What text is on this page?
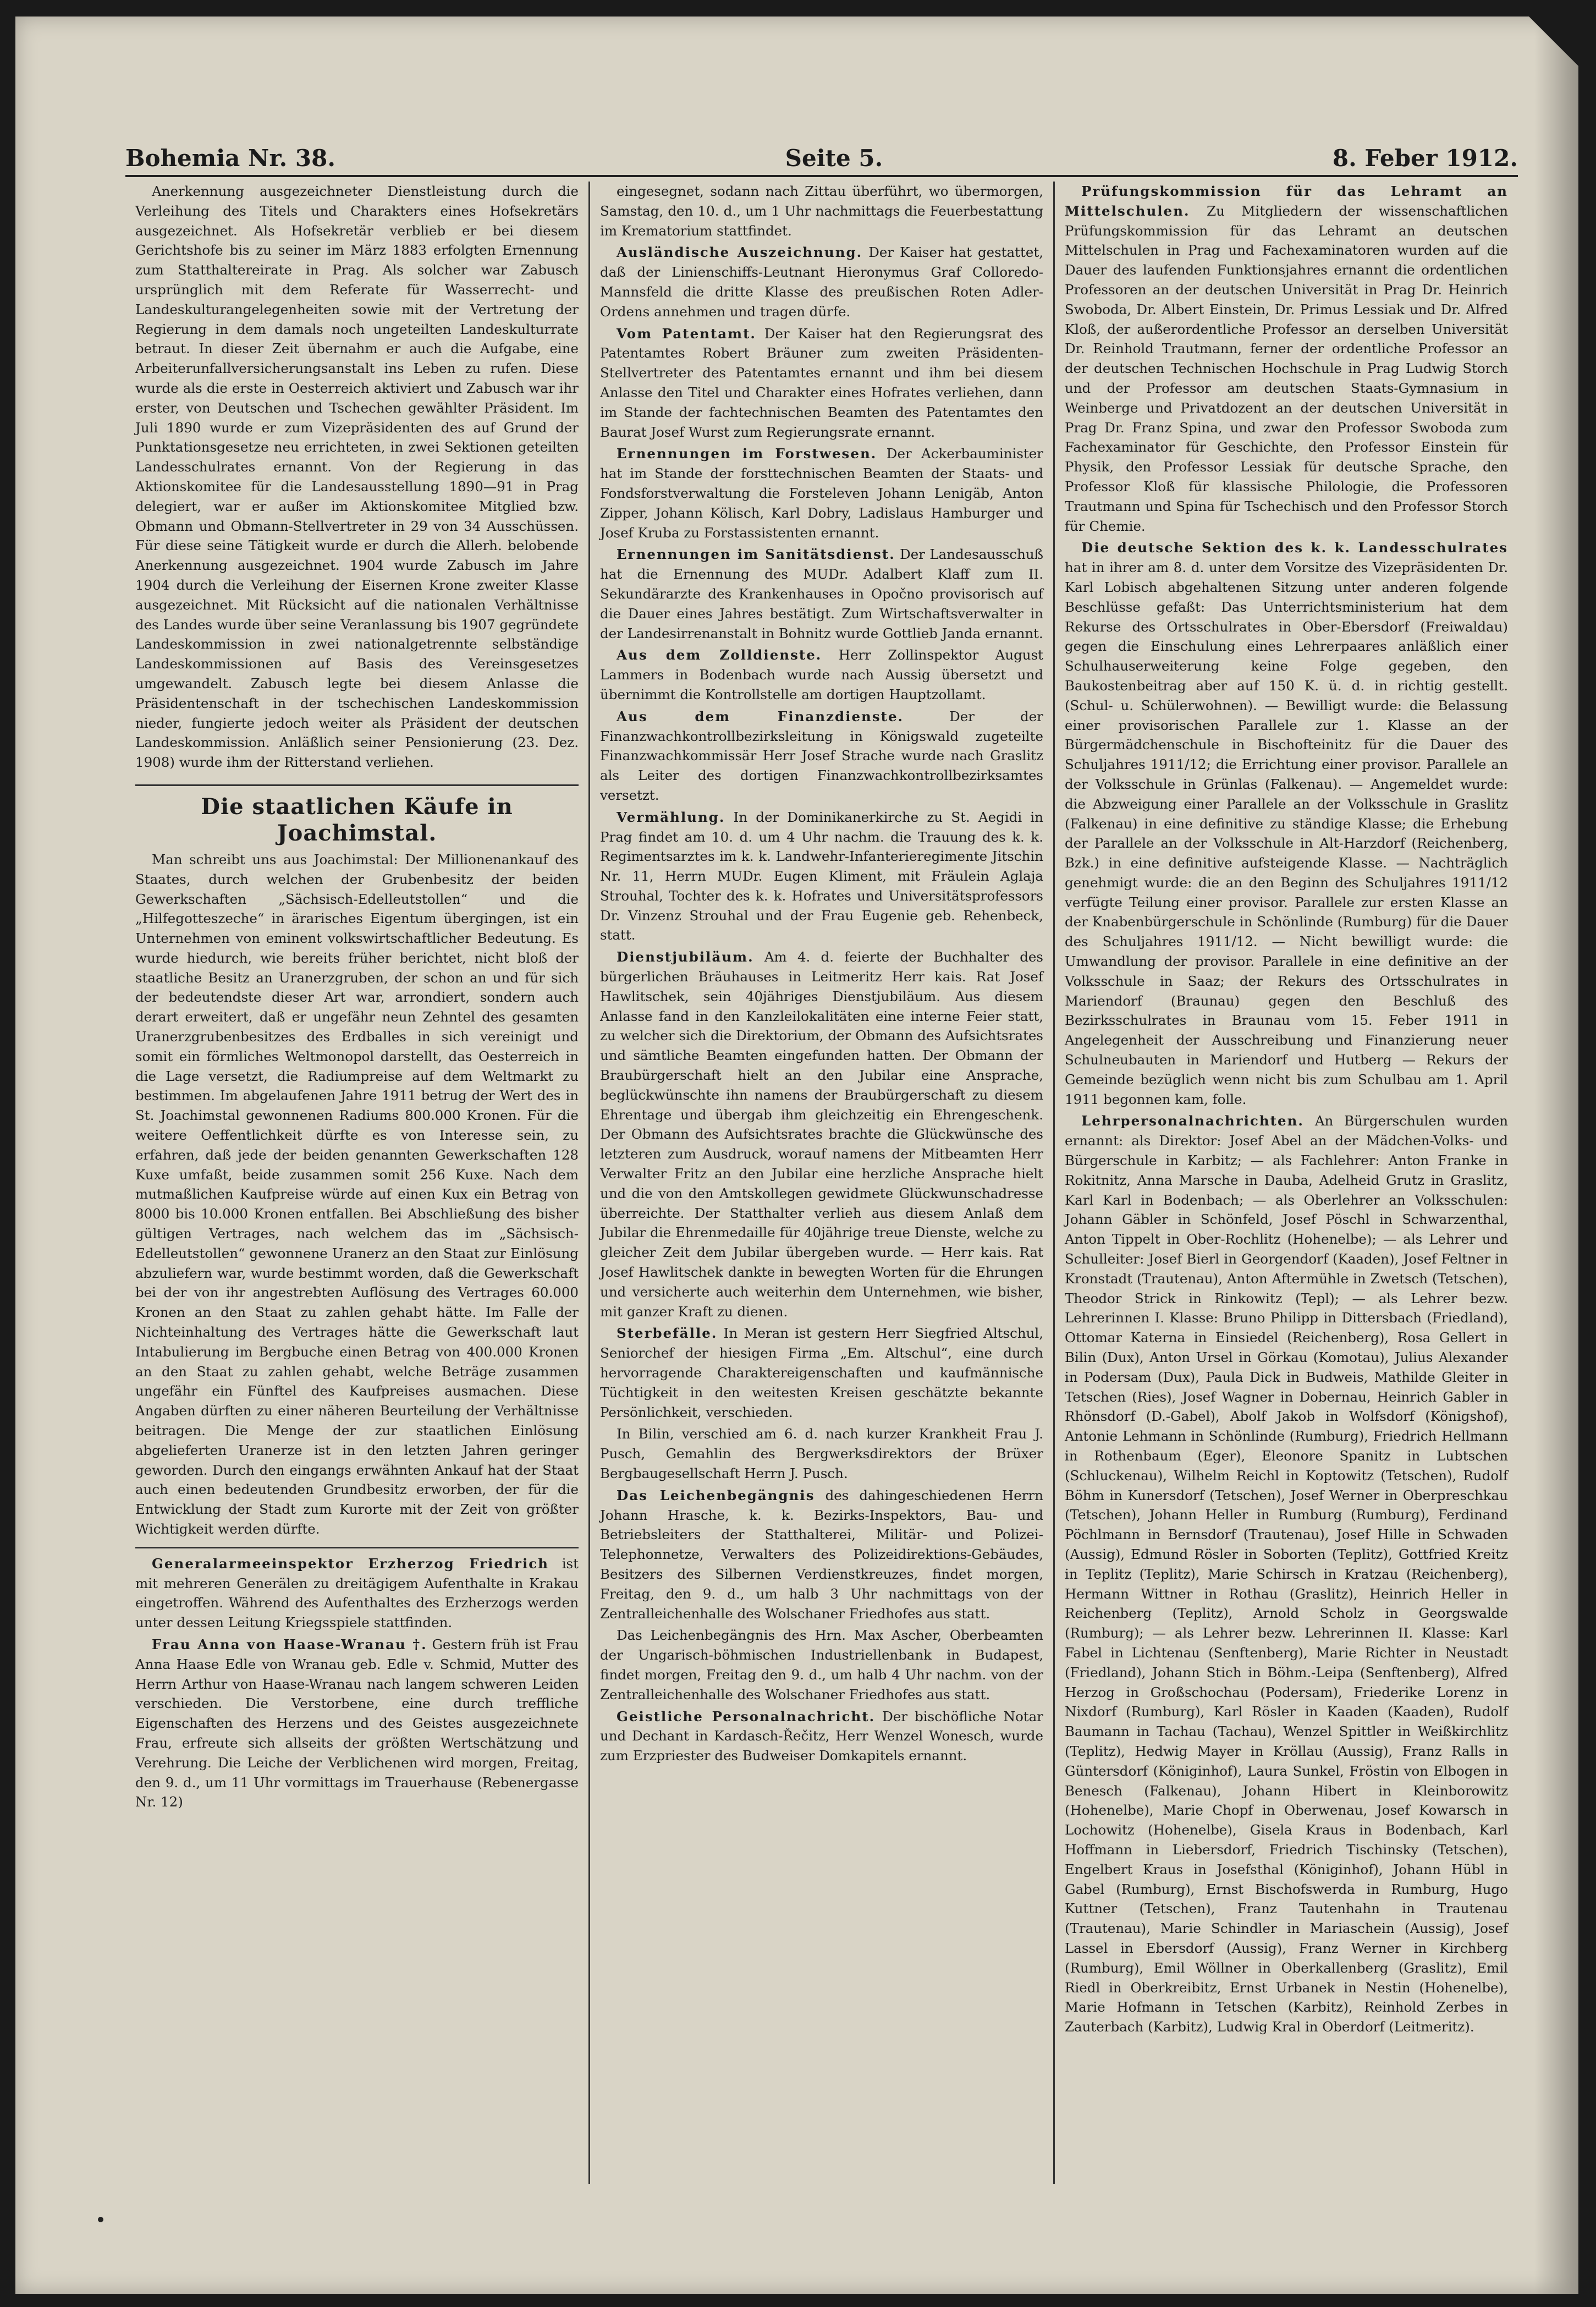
Bohemia Nr. 38.	Seite 5.	8. Feber 1912.

Anerkennung ausgezeichneter Dienstleistung durch die Verleihung des Titels und Charakters eines Hofsekretärs ausgezeichnet. Als Hofsekretär verblieb er bei diesem Gerichtshofe bis zu seiner im März 1883 erfolgten Ernennung zum Statthaltereirate in Prag. Als solcher war Zabusch ursprünglich mit dem Referate für Wasserrecht- und Landeskulturangelegenheiten sowie mit der Vertretung der Regierung in dem damals noch ungeteilten Landeskulturrate betraut. In dieser Zeit übernahm er auch die Aufgabe, eine Arbeiterunfallversicherungsanstalt ins Leben zu rufen. Diese wurde als die erste in Oesterreich aktiviert und Zabusch war ihr erster, von Deutschen und Tschechen gewählter Präsident. Im Juli 1890 wurde er zum Vizepräsidenten des auf Grund der Punktationsgesetze neu errichteten, in zwei Sektionen geteilten Landesschulrates ernannt. Von der Regierung in das Aktionskomitee für die Landesausstellung 1890—91 in Prag delegiert, war er außer im Aktionskomitee Mitglied bzw. Obmann und Obmann-Stellvertreter in 29 von 34 Ausschüssen. Für diese seine Tätigkeit wurde er durch die Allerh. belobende Anerkennung ausgezeichnet. 1904 wurde Zabusch im Jahre 1904 durch die Verleihung der Eisernen Krone zweiter Klasse ausgezeichnet. Mit Rücksicht auf die nationalen Verhältnisse des Landes wurde über seine Veranlassung bis 1907 gegründete Landeskommission in zwei nationalgetrennte selbständige Landeskommissionen auf Basis des Vereinsgesetzes umgewandelt. Zabusch legte bei diesem Anlasse die Präsidentenschaft in der tschechischen Landeskommission nieder, fungierte jedoch weiter als Präsident der deutschen Landeskommission. Anläßlich seiner Pensionierung (23. Dez. 1908) wurde ihm der Ritterstand verliehen.

Die staatlichen Käufe in Joachimstal.

Man schreibt uns aus Joachimstal: Der Millionenankauf des Staates, durch welchen der Grubenbesitz der beiden Gewerkschaften „Sächsisch-Edelleutstollen“ und die „Hilfegotteszeche“ in ärarisches Eigentum übergingen, ist ein Unternehmen von eminent volkswirtschaftlicher Bedeutung. Es wurde hiedurch, wie bereits früher berichtet, nicht bloß der staatliche Besitz an Uranerzgruben, der schon an und für sich der bedeutendste dieser Art war, arrondiert, sondern auch derart erweitert, daß er ungefähr neun Zehntel des gesamten Uranerzgrubenbesitzes des Erdballes in sich vereinigt und somit ein förmliches Weltmonopol darstellt, das Oesterreich in die Lage versetzt, die Radiumpreise auf dem Weltmarkt zu bestimmen. Im abgelaufenen Jahre 1911 betrug der Wert des in St. Joachimstal gewonnenen Radiums 800.000 Kronen. Für die weitere Oeffentlichkeit dürfte es von Interesse sein, zu erfahren, daß jede der beiden genannten Gewerkschaften 128 Kuxe umfaßt, beide zusammen somit 256 Kuxe. Nach dem mutmaßlichen Kaufpreise würde auf einen Kux ein Betrag von 8000 bis 10.000 Kronen entfallen. Bei Abschließung des bisher gültigen Vertrages, nach welchem das im „Sächsisch-Edelleutstollen“ gewonnene Uranerz an den Staat zur Einlösung abzuliefern war, wurde bestimmt worden, daß die Gewerkschaft bei der von ihr angestrebten Auflösung des Vertrages 60.000 Kronen an den Staat zu zahlen gehabt hätte. Im Falle der Nichteinhaltung des Vertrages hätte die Gewerkschaft laut Intabulierung im Bergbuche einen Betrag von 400.000 Kronen an den Staat zu zahlen gehabt, welche Beträge zusammen ungefähr ein Fünftel des Kaufpreises ausmachen. Diese Angaben dürften zu einer näheren Beurteilung der Verhältnisse beitragen. Die Menge der zur staatlichen Einlösung abgelieferten Uranerze ist in den letzten Jahren geringer geworden. Durch den eingangs erwähnten Ankauf hat der Staat auch einen bedeutenden Grundbesitz erworben, der für die Entwicklung der Stadt zum Kurorte mit der Zeit von größter Wichtigkeit werden dürfte.

Generalarmeeinspektor Erzherzog Friedrich ist mit mehreren Generälen zu dreitägigem Aufenthalte in Krakau eingetroffen. Während des Aufenthaltes des Erzherzogs werden unter dessen Leitung Kriegsspiele stattfinden.

Frau Anna von Haase-Wranau †. Gestern früh ist Frau Anna Haase Edle von Wranau geb. Edle v. Schmid, Mutter des Herrn Arthur von Haase-Wranau nach langem schweren Leiden verschieden. Die Verstorbene, eine durch treffliche Eigenschaften des Herzens und des Geistes ausgezeichnete Frau, erfreute sich allseits der größten Wertschätzung und Verehrung. Die Leiche der Verblichenen wird morgen, Freitag, den 9. d., um 11 Uhr vormittags im Trauerhause (Rebenergasse Nr. 12)

eingesegnet, sodann nach Zittau überführt, wo übermorgen, Samstag, den 10. d., um 1 Uhr nachmittags die Feuerbestattung im Krematorium stattfindet.

Ausländische Auszeichnung. Der Kaiser hat gestattet, daß der Linienschiffs-Leutnant Hieronymus Graf Colloredo-Mannsfeld die dritte Klasse des preußischen Roten Adler-Ordens annehmen und tragen dürfe.

Vom Patentamt. Der Kaiser hat den Regierungsrat des Patentamtes Robert Bräuner zum zweiten Präsidenten-Stellvertreter des Patentamtes ernannt und ihm bei diesem Anlasse den Titel und Charakter eines Hofrates verliehen, dann im Stande der fachtechnischen Beamten des Patentamtes den Baurat Josef Wurst zum Regierungsrate ernannt.

Ernennungen im Forstwesen. Der Ackerbauminister hat im Stande der forsttechnischen Beamten der Staats- und Fondsforstverwaltung die Forsteleven Johann Lenigäb, Anton Zipper, Johann Kölisch, Karl Dobry, Ladislaus Hamburger und Josef Kruba zu Forstassistenten ernannt.

Ernennungen im Sanitätsdienst. Der Landesausschuß hat die Ernennung des MUDr. Adalbert Klaff zum II. Sekundärarzte des Krankenhauses in Opočno provisorisch auf die Dauer eines Jahres bestätigt. Zum Wirtschaftsverwalter in der Landesirrenanstalt in Bohnitz wurde Gottlieb Janda ernannt.

Aus dem Zolldienste. Herr Zollinspektor August Lammers in Bodenbach wurde nach Aussig übersetzt und übernimmt die Kontrollstelle am dortigen Hauptzollamt.

Aus dem Finanzdienste.	Der der Finanzwachkontrollbezirksleitung in Königswald zugeteilte Finanzwachkommissär Herr Josef Strache wurde nach Graslitz als Leiter des dortigen Finanzwachkontrollbezirksamtes versetzt.

Vermählung. In der Dominikanerkirche zu St. Aegidi in Prag findet am 10. d. um 4 Uhr nachm. die Trauung des k. k. Regimentsarztes im k. k. Landwehr-Infanterieregimente Jitschin Nr. 11, Herrn MUDr. Eugen Kliment, mit Fräulein Aglaja Strouhal, Tochter des k. k. Hofrates und Universitätsprofessors Dr. Vinzenz Strouhal und der Frau Eugenie geb. Rehenbeck, statt.

Dienstjubiläum. Am 4. d. feierte der Buchhalter des bürgerlichen Bräuhauses in Leitmeritz Herr kais. Rat Josef Hawlitschek, sein 40jähriges Dienstjubiläum. Aus diesem Anlasse fand in den Kanzleilokalitäten eine interne Feier statt, zu welcher sich die Direktorium, der Obmann des Aufsichtsrates und sämtliche Beamten eingefunden hatten. Der Obmann der Braubürgerschaft hielt an den Jubilar eine Ansprache, beglückwünschte ihn namens der Braubürgerschaft zu diesem Ehrentage und übergab ihm gleichzeitig ein Ehrengeschenk. Der Obmann des Aufsichtsrates brachte die Glückwünsche des letzteren zum Ausdruck, worauf namens der Mitbeamten Herr Verwalter Fritz an den Jubilar eine herzliche Ansprache hielt und die von den Amtskollegen gewidmete Glückwunschadresse überreichte. Der Statthalter verlieh aus diesem Anlaß dem Jubilar die Ehrenmedaille für 40jährige treue Dienste, welche zu gleicher Zeit dem Jubilar übergeben wurde. — Herr kais. Rat Josef Hawlitschek dankte in bewegten Worten für die Ehrungen und versicherte auch weiterhin dem Unternehmen, wie bisher, mit ganzer Kraft zu dienen.

Sterbefälle. In Meran ist gestern Herr Siegfried Altschul, Seniorchef der hiesigen Firma „Em. Altschul“, eine durch hervorragende Charaktereigenschaften und kaufmännische Tüchtigkeit in den weitesten Kreisen geschätzte bekannte Persönlichkeit, verschieden.

In Bilin, verschied am 6. d. nach kurzer Krankheit Frau J. Pusch, Gemahlin des Bergwerksdirektors der Brüxer Bergbaugesellschaft Herrn J. Pusch.

Das Leichenbegängnis des dahingeschiedenen Herrn Johann Hrasche, k. k. Bezirks-Inspektors, Bau- und Betriebsleiters der Statthalterei, Militär- und Polizei-Telephonnetze, Verwalters des Polizeidirektions-Gebäudes, Besitzers des Silbernen Verdienstkreuzes, findet morgen, Freitag, den 9. d., um halb 3 Uhr nachmittags von der Zentralleichenhalle des Wolschaner Friedhofes aus statt.

Das Leichenbegängnis des Hrn. Max Ascher, Oberbeamten der Ungarisch-böhmischen Industriellenbank in Budapest, findet morgen, Freitag den 9. d., um halb 4 Uhr nachm. von der Zentralleichenhalle des Wolschaner Friedhofes aus statt.

Geistliche Personalnachricht. Der bischöfliche Notar und Dechant in Kardasch-Řečitz, Herr Wenzel Wonesch, wurde zum Erzpriester des Budweiser Domkapitels ernannt.

Prüfungskommission für das Lehramt an Mittelschulen. Zu Mitgliedern der wissenschaftlichen Prüfungskommission für das Lehramt an deutschen Mittelschulen in Prag und Fachexaminatoren wurden auf die Dauer des laufenden Funktionsjahres ernannt die ordentlichen Professoren an der deutschen Universität in Prag Dr. Heinrich Swoboda, Dr. Albert Einstein, Dr. Primus Lessiak und Dr. Alfred Kloß, der außerordentliche Professor an derselben Universität Dr. Reinhold Trautmann, ferner der ordentliche Professor an der deutschen Technischen Hochschule in Prag Ludwig Storch und der Professor am deutschen Staats-Gymnasium in Weinberge und Privatdozent an der deutschen Universität in Prag Dr. Franz Spina, und zwar den Professor Swoboda zum Fachexaminator für Geschichte, den Professor Einstein für Physik, den Professor Lessiak für deutsche Sprache, den Professor Kloß für klassische Philologie, die Professoren Trautmann und Spina für Tschechisch und den Professor Storch für Chemie.

Die deutsche Sektion des k. k. Landesschulrates hat in ihrer am 8. d. unter dem Vorsitze des Vizepräsidenten Dr. Karl Lobisch abgehaltenen Sitzung unter anderen folgende Beschlüsse gefaßt: Das Unterrichtsministerium hat dem Rekurse des Ortsschulrates in Ober-Ebersdorf (Freiwaldau) gegen die Einschulung eines Lehrerpaares anläßlich einer Schulhauserweiterung keine Folge gegeben, den Baukostenbeitrag aber auf 150 K. ü. d. in richtig gestellt. (Schul- u. Schülerwohnen). — Bewilligt wurde: die Belassung einer provisorischen Parallele zur 1. Klasse an der Bürgermädchenschule in Bischofteinitz für die Dauer des Schuljahres 1911/12; die Errichtung einer provisor. Parallele an der Volksschule in Grünlas (Falkenau). — Angemeldet wurde: die Abzweigung einer Parallele an der Volksschule in Graslitz (Falkenau) in eine definitive zu ständige Klasse; die Erhebung der Parallele an der Volksschule in Alt-Harzdorf (Reichenberg, Bzk.) in eine definitive aufsteigende Klasse. — Nachträglich genehmigt wurde: die an den Beginn des Schuljahres 1911/12 verfügte Teilung einer provisor. Parallele zur ersten Klasse an der Knabenbürgerschule in Schönlinde (Rumburg) für die Dauer des Schuljahres 1911/12. — Nicht bewilligt wurde: die Umwandlung der provisor. Parallele in eine definitive an der Volksschule in Saaz; der Rekurs des Ortsschulrates in Mariendorf (Braunau) gegen den Beschluß des Bezirksschulrates in Braunau vom 15. Feber 1911 in Angelegenheit der Ausschreibung und Finanzierung neuer Schulneubauten in Mariendorf und Hutberg — Rekurs der Gemeinde bezüglich wenn nicht bis zum Schulbau am 1. April 1911 begonnen kam, folle.

Lehrpersonalnachrichten. An Bürgerschulen wurden ernannt: als Direktor: Josef Abel an der Mädchen-Volks- und Bürgerschule in Karbitz; — als Fachlehrer: Anton Franke in Rokitnitz, Anna Marsche in Dauba, Adelheid Grutz in Graslitz, Karl Karl in Bodenbach; — als Oberlehrer an Volksschulen: Johann Gäbler in Schönfeld, Josef Pöschl in Schwarzenthal, Anton Tippelt in Ober-Rochlitz (Hohenelbe); — als Lehrer und Schulleiter: Josef Bierl in Georgendorf (Kaaden), Josef Feltner in Kronstadt (Trautenau), Anton Aftermühle in Zwetsch (Tetschen), Theodor Strick in Rinkowitz (Tepl); — als Lehrer bezw. Lehrerinnen I. Klasse: Bruno Philipp in Dittersbach (Friedland), Ottomar Katerna in Einsiedel (Reichenberg), Rosa Gellert in Bilin (Dux), Anton Ursel in Görkau (Komotau), Julius Alexander in Podersam (Dux), Paula Dick in Budweis, Mathilde Gleiter in Tetschen (Ries), Josef Wagner in Dobernau, Heinrich Gabler in Rhönsdorf (D.-Gabel), Abolf Jakob in Wolfsdorf (Königshof), Antonie Lehmann in Schönlinde (Rumburg), Friedrich Hellmann in Rothenbaum (Eger), Eleonore Spanitz in Lubtschen (Schluckenau), Wilhelm Reichl in Koptowitz (Tetschen), Rudolf Böhm in Kunersdorf (Tetschen), Josef Werner in Oberpreschkau (Tetschen), Johann Heller in Rumburg (Rumburg), Ferdinand Pöchlmann in Bernsdorf (Trautenau), Josef Hille in Schwaden (Aussig), Edmund Rösler in Soborten (Teplitz), Gottfried Kreitz in Teplitz (Teplitz), Marie Schirsch in Kratzau (Reichenberg), Hermann Wittner in Rothau (Graslitz), Heinrich Heller in Reichenberg (Teplitz), Arnold Scholz in Georgswalde (Rumburg); — als Lehrer bezw. Lehrerinnen II. Klasse: Karl Fabel in Lichtenau (Senftenberg), Marie Richter in Neustadt (Friedland), Johann Stich in Böhm.-Leipa (Senftenberg), Alfred Herzog in Großschochau (Podersam), Friederike Lorenz in Nixdorf (Rumburg), Karl Rösler in Kaaden (Kaaden), Rudolf Baumann in Tachau (Tachau), Wenzel Spittler in Weißkirchlitz (Teplitz), Hedwig Mayer in Kröllau (Aussig), Franz Ralls in Güntersdorf (Königinhof), Laura Sunkel, Fröstin von Elbogen in Benesch (Falkenau), Johann Hibert in Kleinborowitz (Hohenelbe), Marie Chopf in Oberwenau, Josef Kowarsch in Lochowitz (Hohenelbe), Gisela Kraus in Bodenbach, Karl Hoffmann in Liebersdorf, Friedrich Tischinsky (Tetschen), Engelbert Kraus in Josefsthal (Königinhof), Johann Hübl in Gabel (Rumburg), Ernst Bischofswerda in Rumburg, Hugo Kuttner (Tetschen), Franz Tautenhahn in Trautenau (Trautenau), Marie Schindler in Mariaschein (Aussig), Josef Lassel in Ebersdorf (Aussig), Franz Werner in Kirchberg (Rumburg), Emil Wöllner in Oberkallenberg (Graslitz), Emil Riedl in Oberkreibitz, Ernst Urbanek in Nestin (Hohenelbe), Marie Hofmann in Tetschen (Karbitz), Reinhold Zerbes in Zauterbach (Karbitz), Ludwig Kral in Oberdorf (Leitmeritz).
